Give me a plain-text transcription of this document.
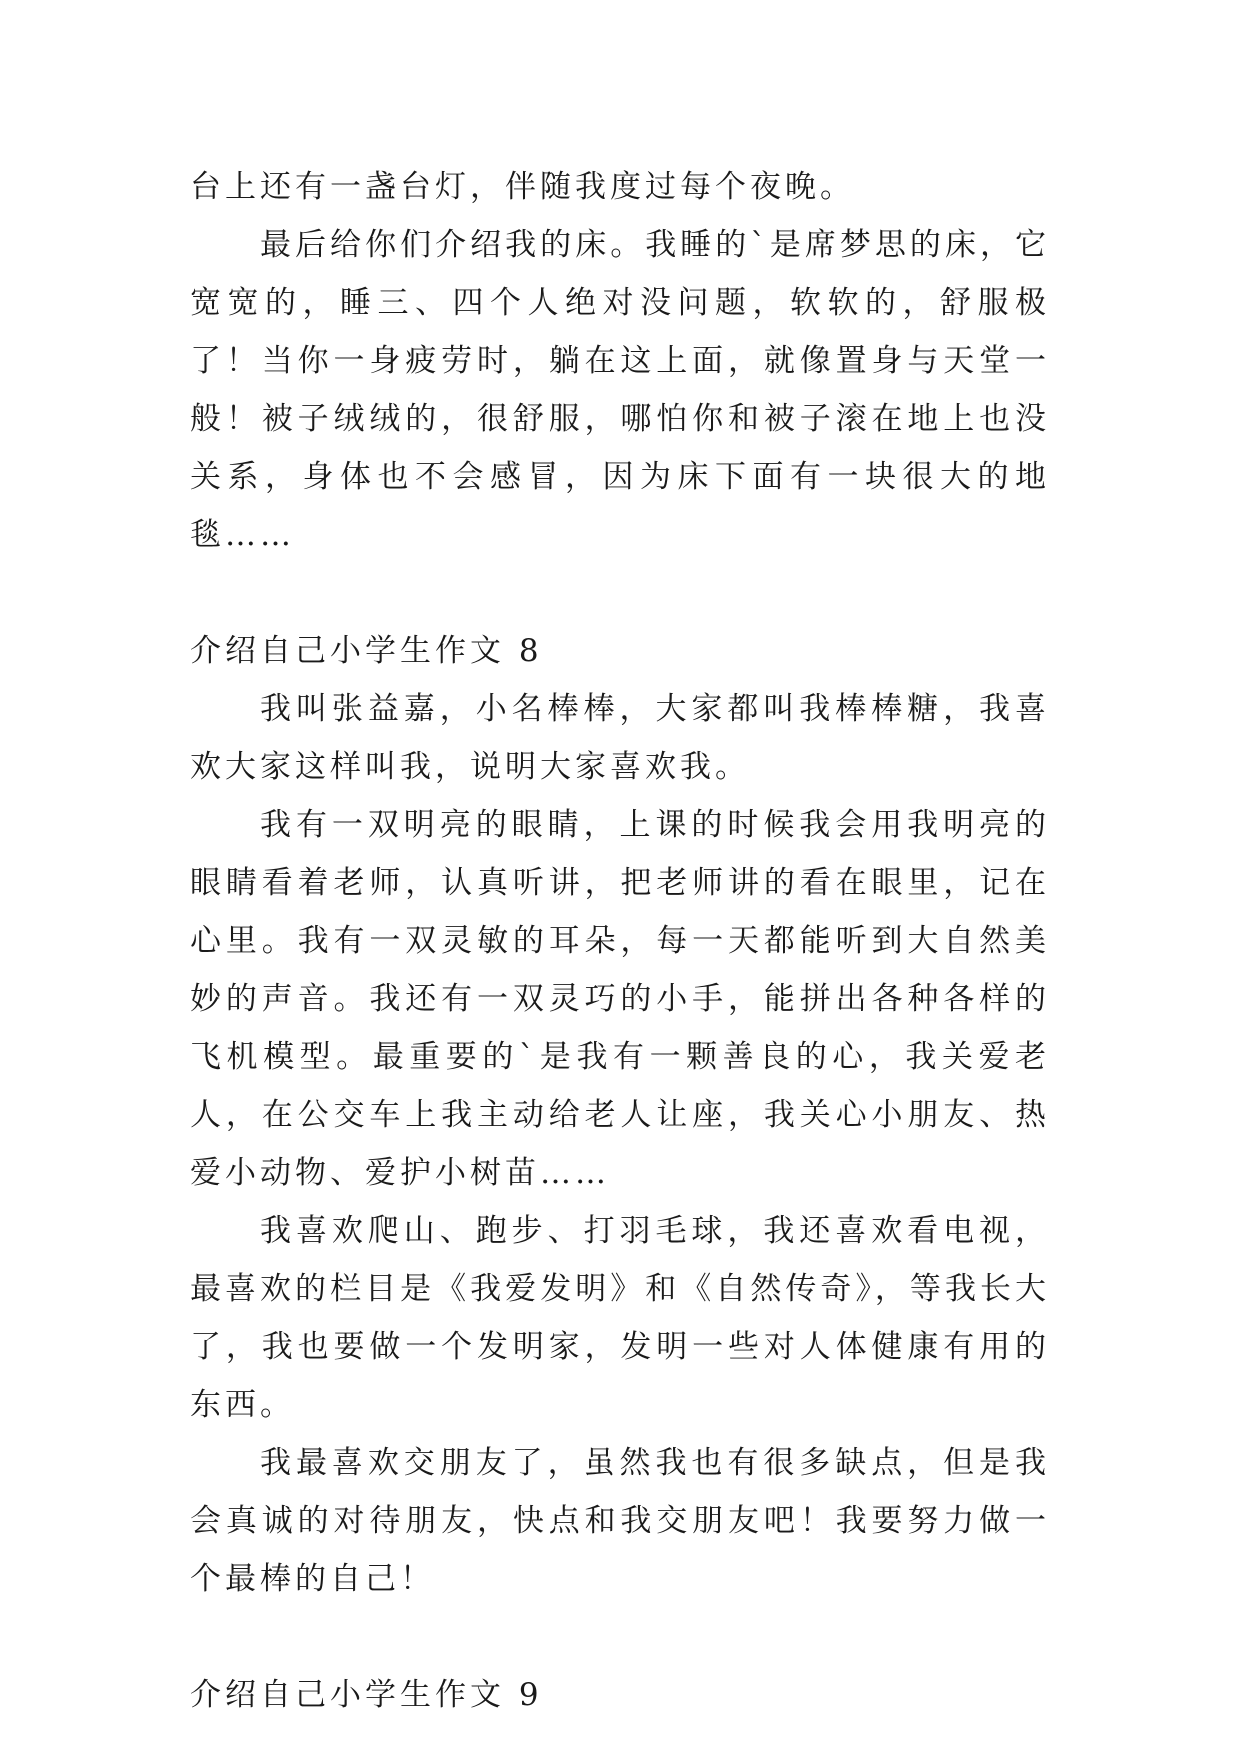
台上还有一盏台灯，伴随我度过每个夜晚。

最后给你们介绍我的床。我睡的`是席梦思的床，它宽宽的，睡三、四个人绝对没问题，软软的，舒服极了！当你一身疲劳时，躺在这上面，就像置身与天堂一般！被子绒绒的，很舒服，哪怕你和被子滚在地上也没关系，身体也不会感冒，因为床下面有一块很大的地毯……

介绍自己小学生作文 8

我叫张益嘉，小名棒棒，大家都叫我棒棒糖，我喜欢大家这样叫我，说明大家喜欢我。

我有一双明亮的眼睛，上课的时候我会用我明亮的眼睛看着老师，认真听讲，把老师讲的看在眼里，记在心里。我有一双灵敏的耳朵，每一天都能听到大自然美妙的声音。我还有一双灵巧的小手，能拼出各种各样的飞机模型。最重要的`是我有一颗善良的心，我关爱老人，在公交车上我主动给老人让座，我关心小朋友、热爱小动物、爱护小树苗……

我喜欢爬山、跑步、打羽毛球，我还喜欢看电视，最喜欢的栏目是《我爱发明》和《自然传奇》，等我长大了，我也要做一个发明家，发明一些对人体健康有用的东西。

我最喜欢交朋友了，虽然我也有很多缺点，但是我会真诚的对待朋友，快点和我交朋友吧！我要努力做一个最棒的自己！

介绍自己小学生作文 9
